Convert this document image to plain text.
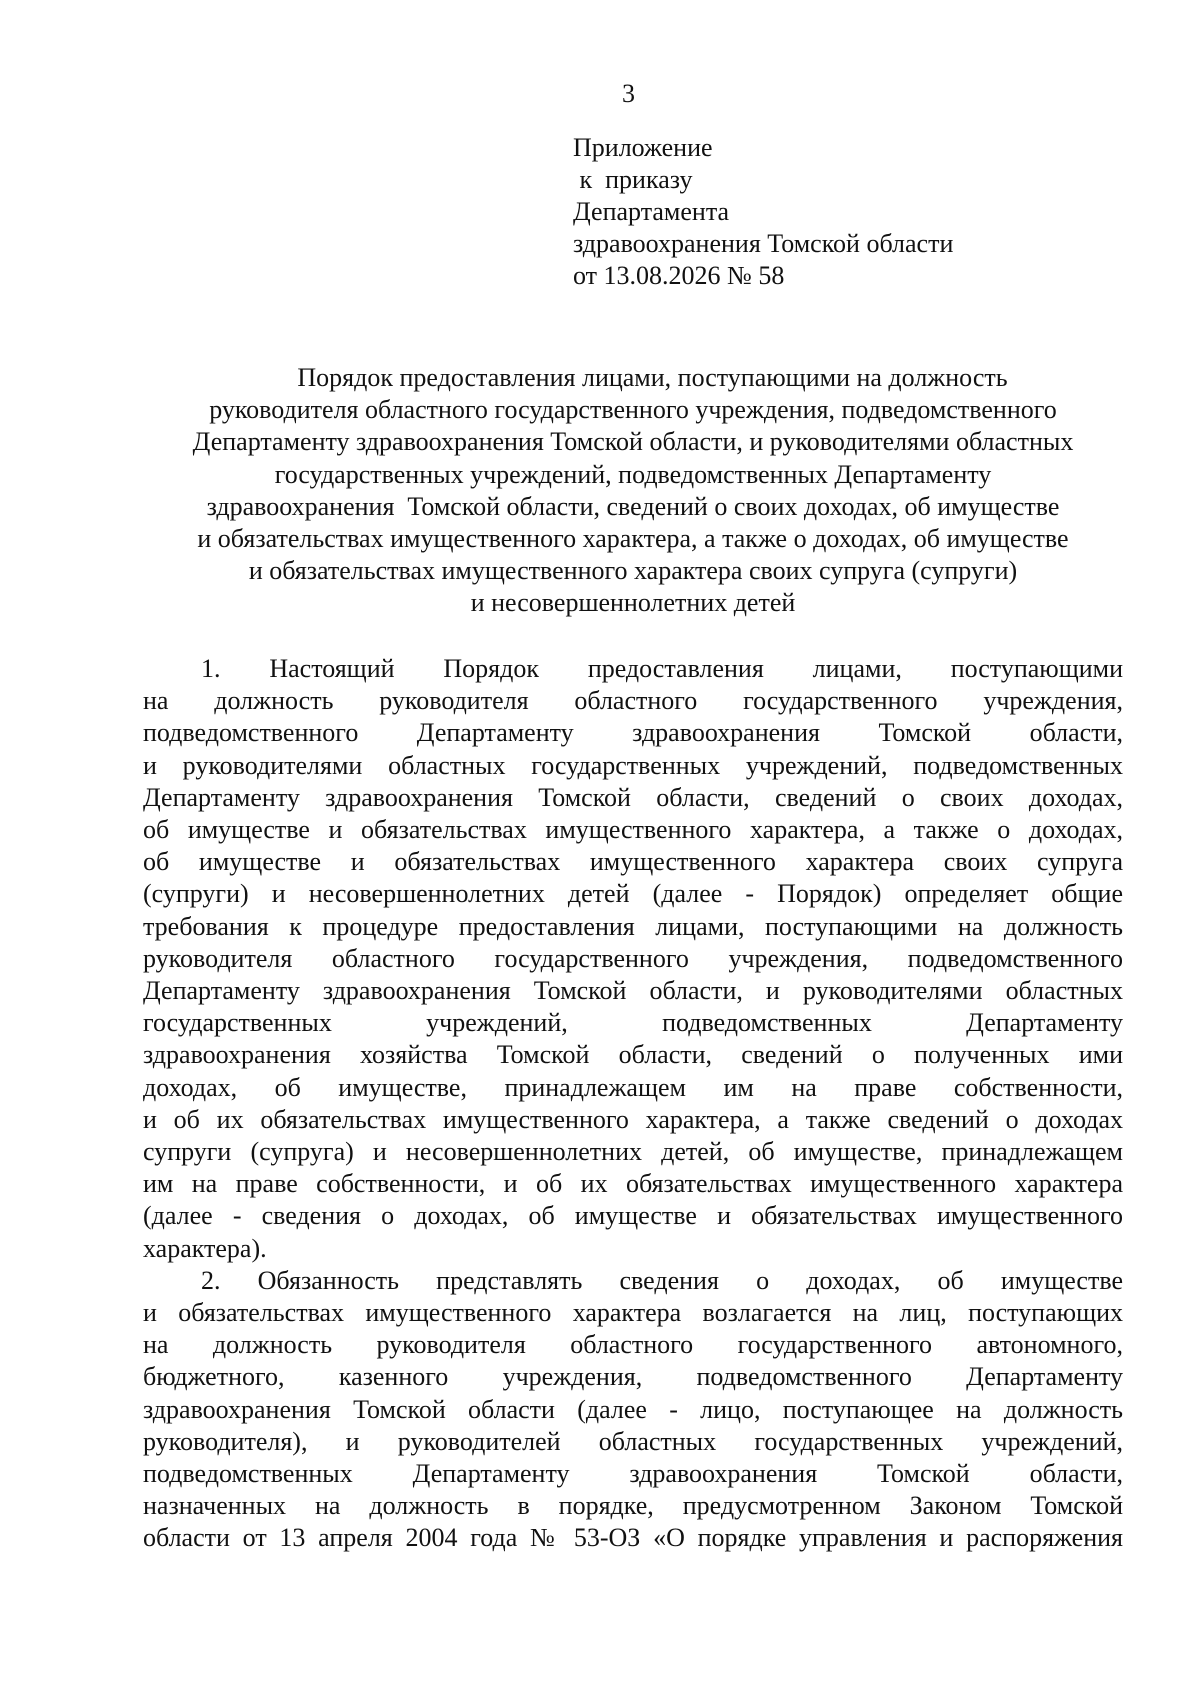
3
Приложение
к  приказу
Департамента
здравоохранения Томской области
от 13.08.2026 № 58
Порядок предоставления лицами, поступающими на должность
руководителя областного государственного учреждения, подведомственного
Департаменту здравоохранения Томской области, и руководителями областных
государственных учреждений, подведомственных Департаменту
здравоохранения  Томской области, сведений о своих доходах, об имуществе
и обязательствах имущественного характера, а также о доходах, об имуществе
и обязательствах имущественного характера своих супруга (супруги)
и несовершеннолетних детей
1. Настоящий Порядок предоставления лицами, поступающими
на должность руководителя областного государственного учреждения,
подведомственного Департаменту здравоохранения Томской области,
и руководителями областных государственных учреждений, подведомственных
Департаменту здравоохранения Томской области, сведений о своих доходах,
об имуществе и обязательствах имущественного характера, а также о доходах,
об имуществе и обязательствах имущественного характера своих супруга
(супруги) и несовершеннолетних детей (далее - Порядок) определяет общие
требования к процедуре предоставления лицами, поступающими на должность
руководителя областного государственного учреждения, подведомственного
Департаменту здравоохранения Томской области, и руководителями областных
государственных учреждений, подведомственных Департаменту
здравоохранения хозяйства Томской области, сведений о полученных ими
доходах, об имуществе, принадлежащем им на праве собственности,
и об их обязательствах имущественного характера, а также сведений о доходах
супруги (супруга) и несовершеннолетних детей, об имуществе, принадлежащем
им на праве собственности, и об их обязательствах имущественного характера
(далее - сведения о доходах, об имуществе и обязательствах имущественного
характера).
2. Обязанность представлять сведения о доходах, об имуществе
и обязательствах имущественного характера возлагается на лиц, поступающих
на должность руководителя областного государственного автономного,
бюджетного, казенного учреждения, подведомственного Департаменту
здравоохранения Томской области (далее - лицо, поступающее на должность
руководителя), и руководителей областных государственных учреждений,
подведомственных Департаменту здравоохранения Томской области,
назначенных на должность в порядке, предусмотренном Законом Томской
области от 13 апреля 2004 года № 53-ОЗ «О порядке управления и распоряжения
